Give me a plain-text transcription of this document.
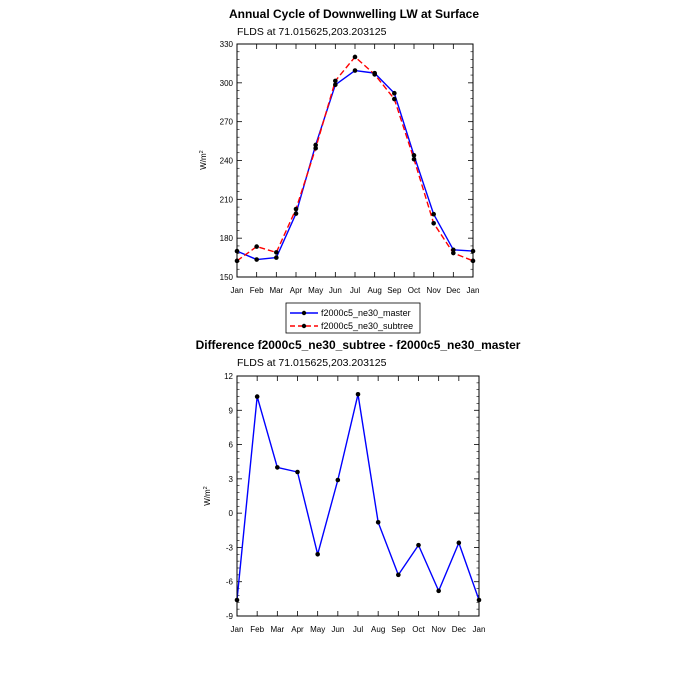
Annual Cycle of Downwelling LW at Surface
FLDS at 71.015625,203.203125
150
180
210
240
270
300
330
Jan Feb Mar Apr May Jun Jul Aug Sep Oct Nov Dec Jan
$W/m^2$
f2000c5_ne30_master
f2000c5_ne30_subtree
Difference f2000c5_ne30_subtree - f2000c5_ne30_master
FLDS at 71.015625,203.203125
-9
-6
-3
0
3
6
9
12
Jan Feb Mar Apr May Jun Jul Aug Sep Oct Nov Dec Jan
$W/m^2$
